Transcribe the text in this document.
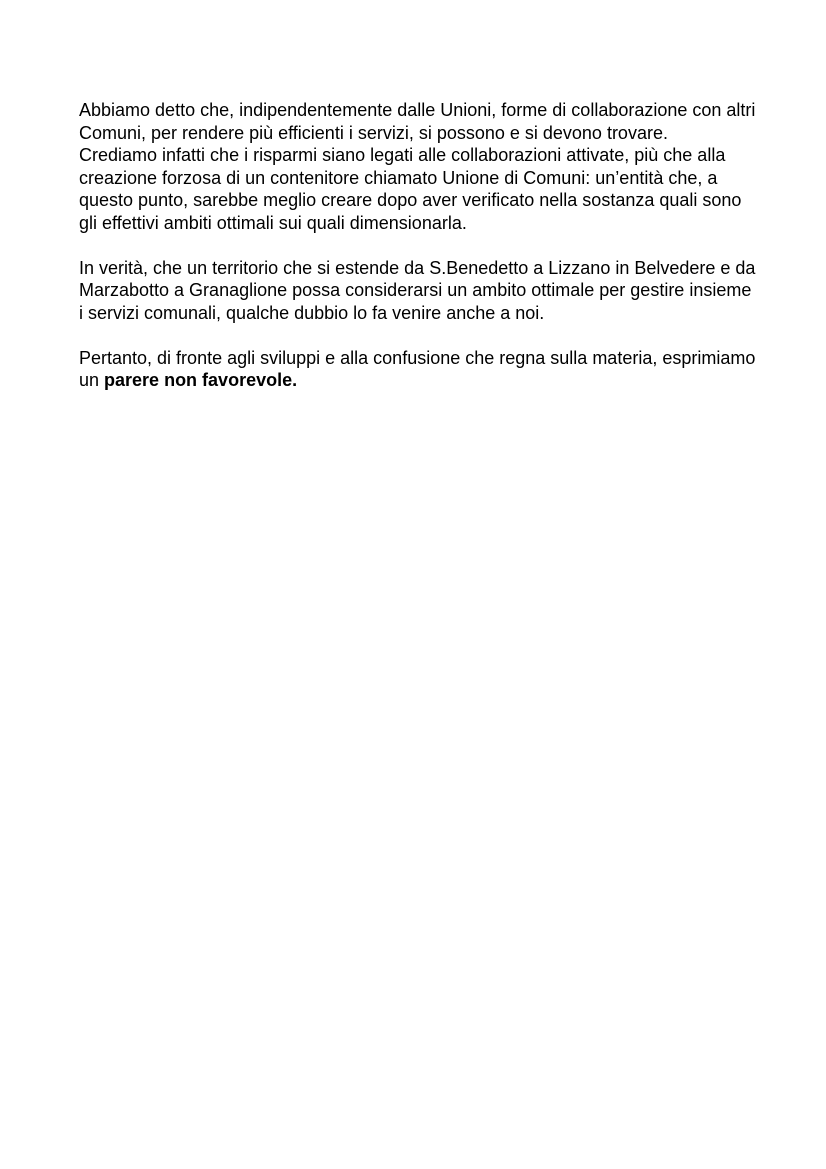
Abbiamo detto che, indipendentemente dalle Unioni, forme di collaborazione con altri Comuni, per rendere più efficienti i servizi, si possono e si devono trovare.

Crediamo infatti che i risparmi siano legati alle collaborazioni attivate, più che alla creazione forzosa di un contenitore chiamato Unione di Comuni: un’entità che, a questo punto, sarebbe meglio creare dopo aver verificato nella sostanza quali sono gli effettivi ambiti ottimali sui quali dimensionarla.

In verità, che un territorio che si estende da S.Benedetto a Lizzano in Belvedere e da Marzabotto a Granaglione possa considerarsi un ambito ottimale per gestire insieme i servizi comunali, qualche dubbio lo fa venire anche a noi.

Pertanto, di fronte agli sviluppi e alla confusione che regna sulla materia, esprimiamo un parere non favorevole.
